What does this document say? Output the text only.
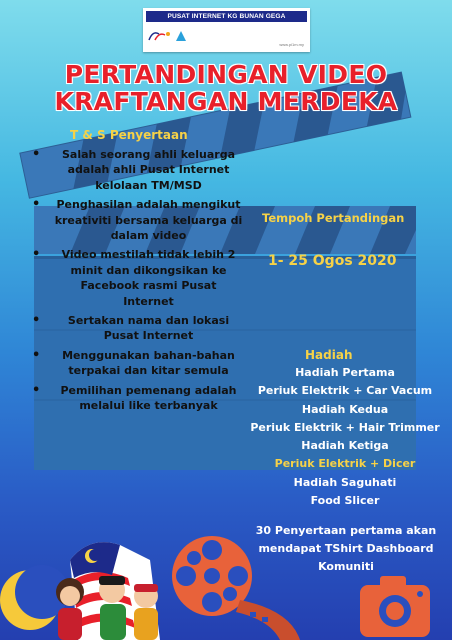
PUSAT INTERNET KG BUNAN GEGA
www.pi1m.my
PERTANDINGAN VIDEO
KRAFTANGAN MERDEKA
T & S Penyertaan
• Salah seorang ahli keluarga adalah ahli Pusat Internet kelolaan TM/MSD
• Penghasilan adalah mengikut kreativiti bersama keluarga di dalam video
• Video mestilah tidak lebih 2 minit dan dikongsikan ke Facebook rasmi Pusat Internet
•	Sertakan nama dan lokasi Pusat Internet
• Menggunakan bahan-bahan terpakai dan kitar semula
• Pemilihan pemenang adalah melalui like terbanyak
Tempoh Pertandingan
1- 25 Ogos 2020
Hadiah
Hadiah Pertama
Periuk Elektrik + Car Vacum
Hadiah Kedua
Periuk Elektrik + Hair Trimmer
Hadiah Ketiga
Periuk Elektrik + Dicer
Hadiah Saguhati
Food Slicer
30 Penyertaan pertama akan
mendapat TShirt Dashboard
Komuniti
